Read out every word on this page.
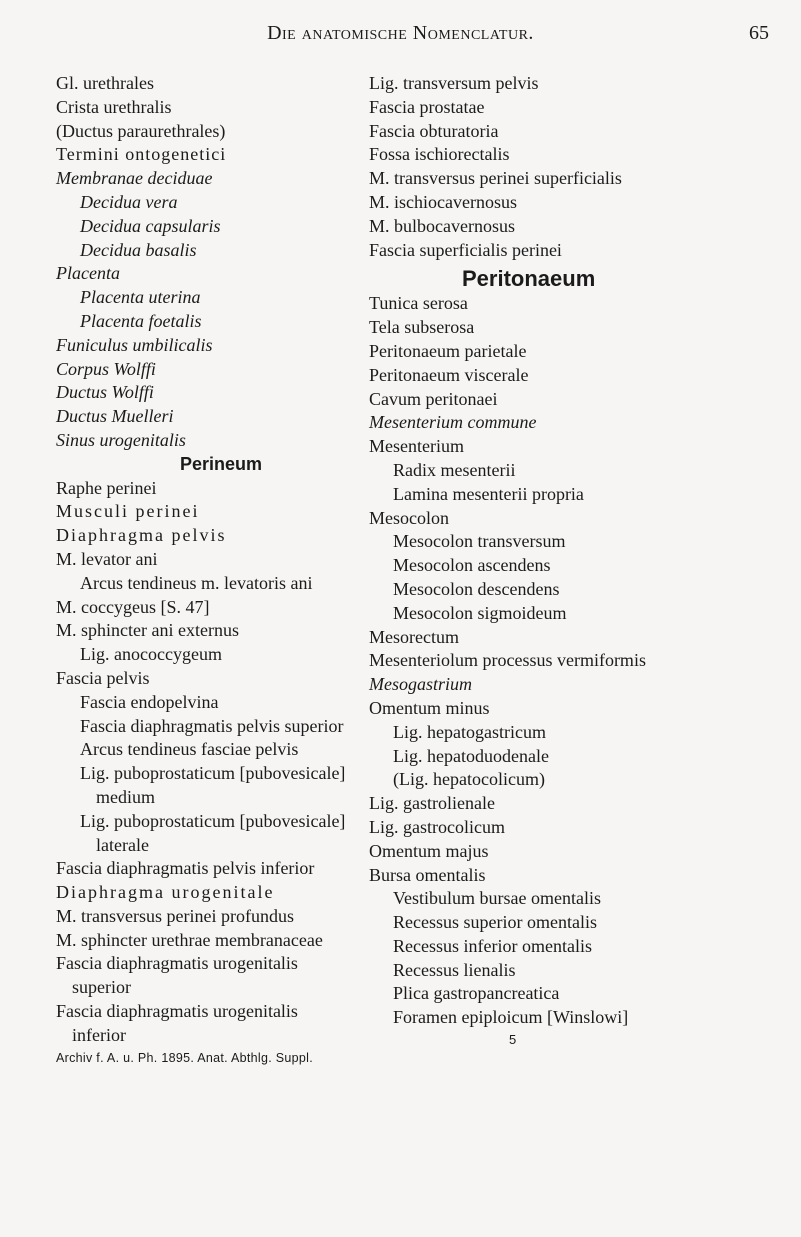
Die anatomische Nomenclatur.	65
Gl. urethrales
Crista urethralis
(Ductus paraurethrales)
Termini ontogenetici
Membranae deciduae
Decidua vera
Decidua capsularis
Decidua basalis
Placenta
Placenta uterina
Placenta foetalis
Funiculus umbilicalis
Corpus Wolffi
Ductus Wolffi
Ductus Muelleri
Sinus urogenitalis
Perineum
Raphe perinei
Musculi perinei
Diaphragma pelvis
M. levator ani
Arcus tendineus m. levatoris ani
M. coccygeus [S. 47]
M. sphincter ani externus
Lig. anococcygeum
Fascia pelvis
Fascia endopelvina
Fascia diaphragmatis pelvis superior
Arcus tendineus fasciae pelvis
Lig. puboprostaticum [pubovesicale]
medium
Lig. puboprostaticum [pubovesicale]
laterale
Fascia diaphragmatis pelvis inferior
Diaphragma urogenitale
M. transversus perinei profundus
M. sphincter urethrae membranaceae
Fascia diaphragmatis urogenitalis
superior
Fascia diaphragmatis urogenitalis
inferior
Archiv f. A. u. Ph. 1895. Anat. Abthlg. Suppl.
Lig. transversum pelvis
Fascia prostatae
Fascia obturatoria
Fossa ischiorectalis
M. transversus perinei superficialis
M. ischiocavernosus
M. bulbocavernosus
Fascia superficialis perinei
Peritonaeum
Tunica serosa
Tela subserosa
Peritonaeum parietale
Peritonaeum viscerale
Cavum peritonaei
Mesenterium commune
Mesenterium
Radix mesenterii
Lamina mesenterii propria
Mesocolon
Mesocolon transversum
Mesocolon ascendens
Mesocolon descendens
Mesocolon sigmoideum
Mesorectum
Mesenteriolum processus vermiformis
Mesogastrium
Omentum minus
Lig. hepatogastricum
Lig. hepatoduodenale
(Lig. hepatocolicum)
Lig. gastrolienale
Lig. gastrocolicum
Omentum majus
Bursa omentalis
Vestibulum bursae omentalis
Recessus superior omentalis
Recessus inferior omentalis
Recessus lienalis
Plica gastropancreatica
Foramen epiploicum [Winslowi]
5
